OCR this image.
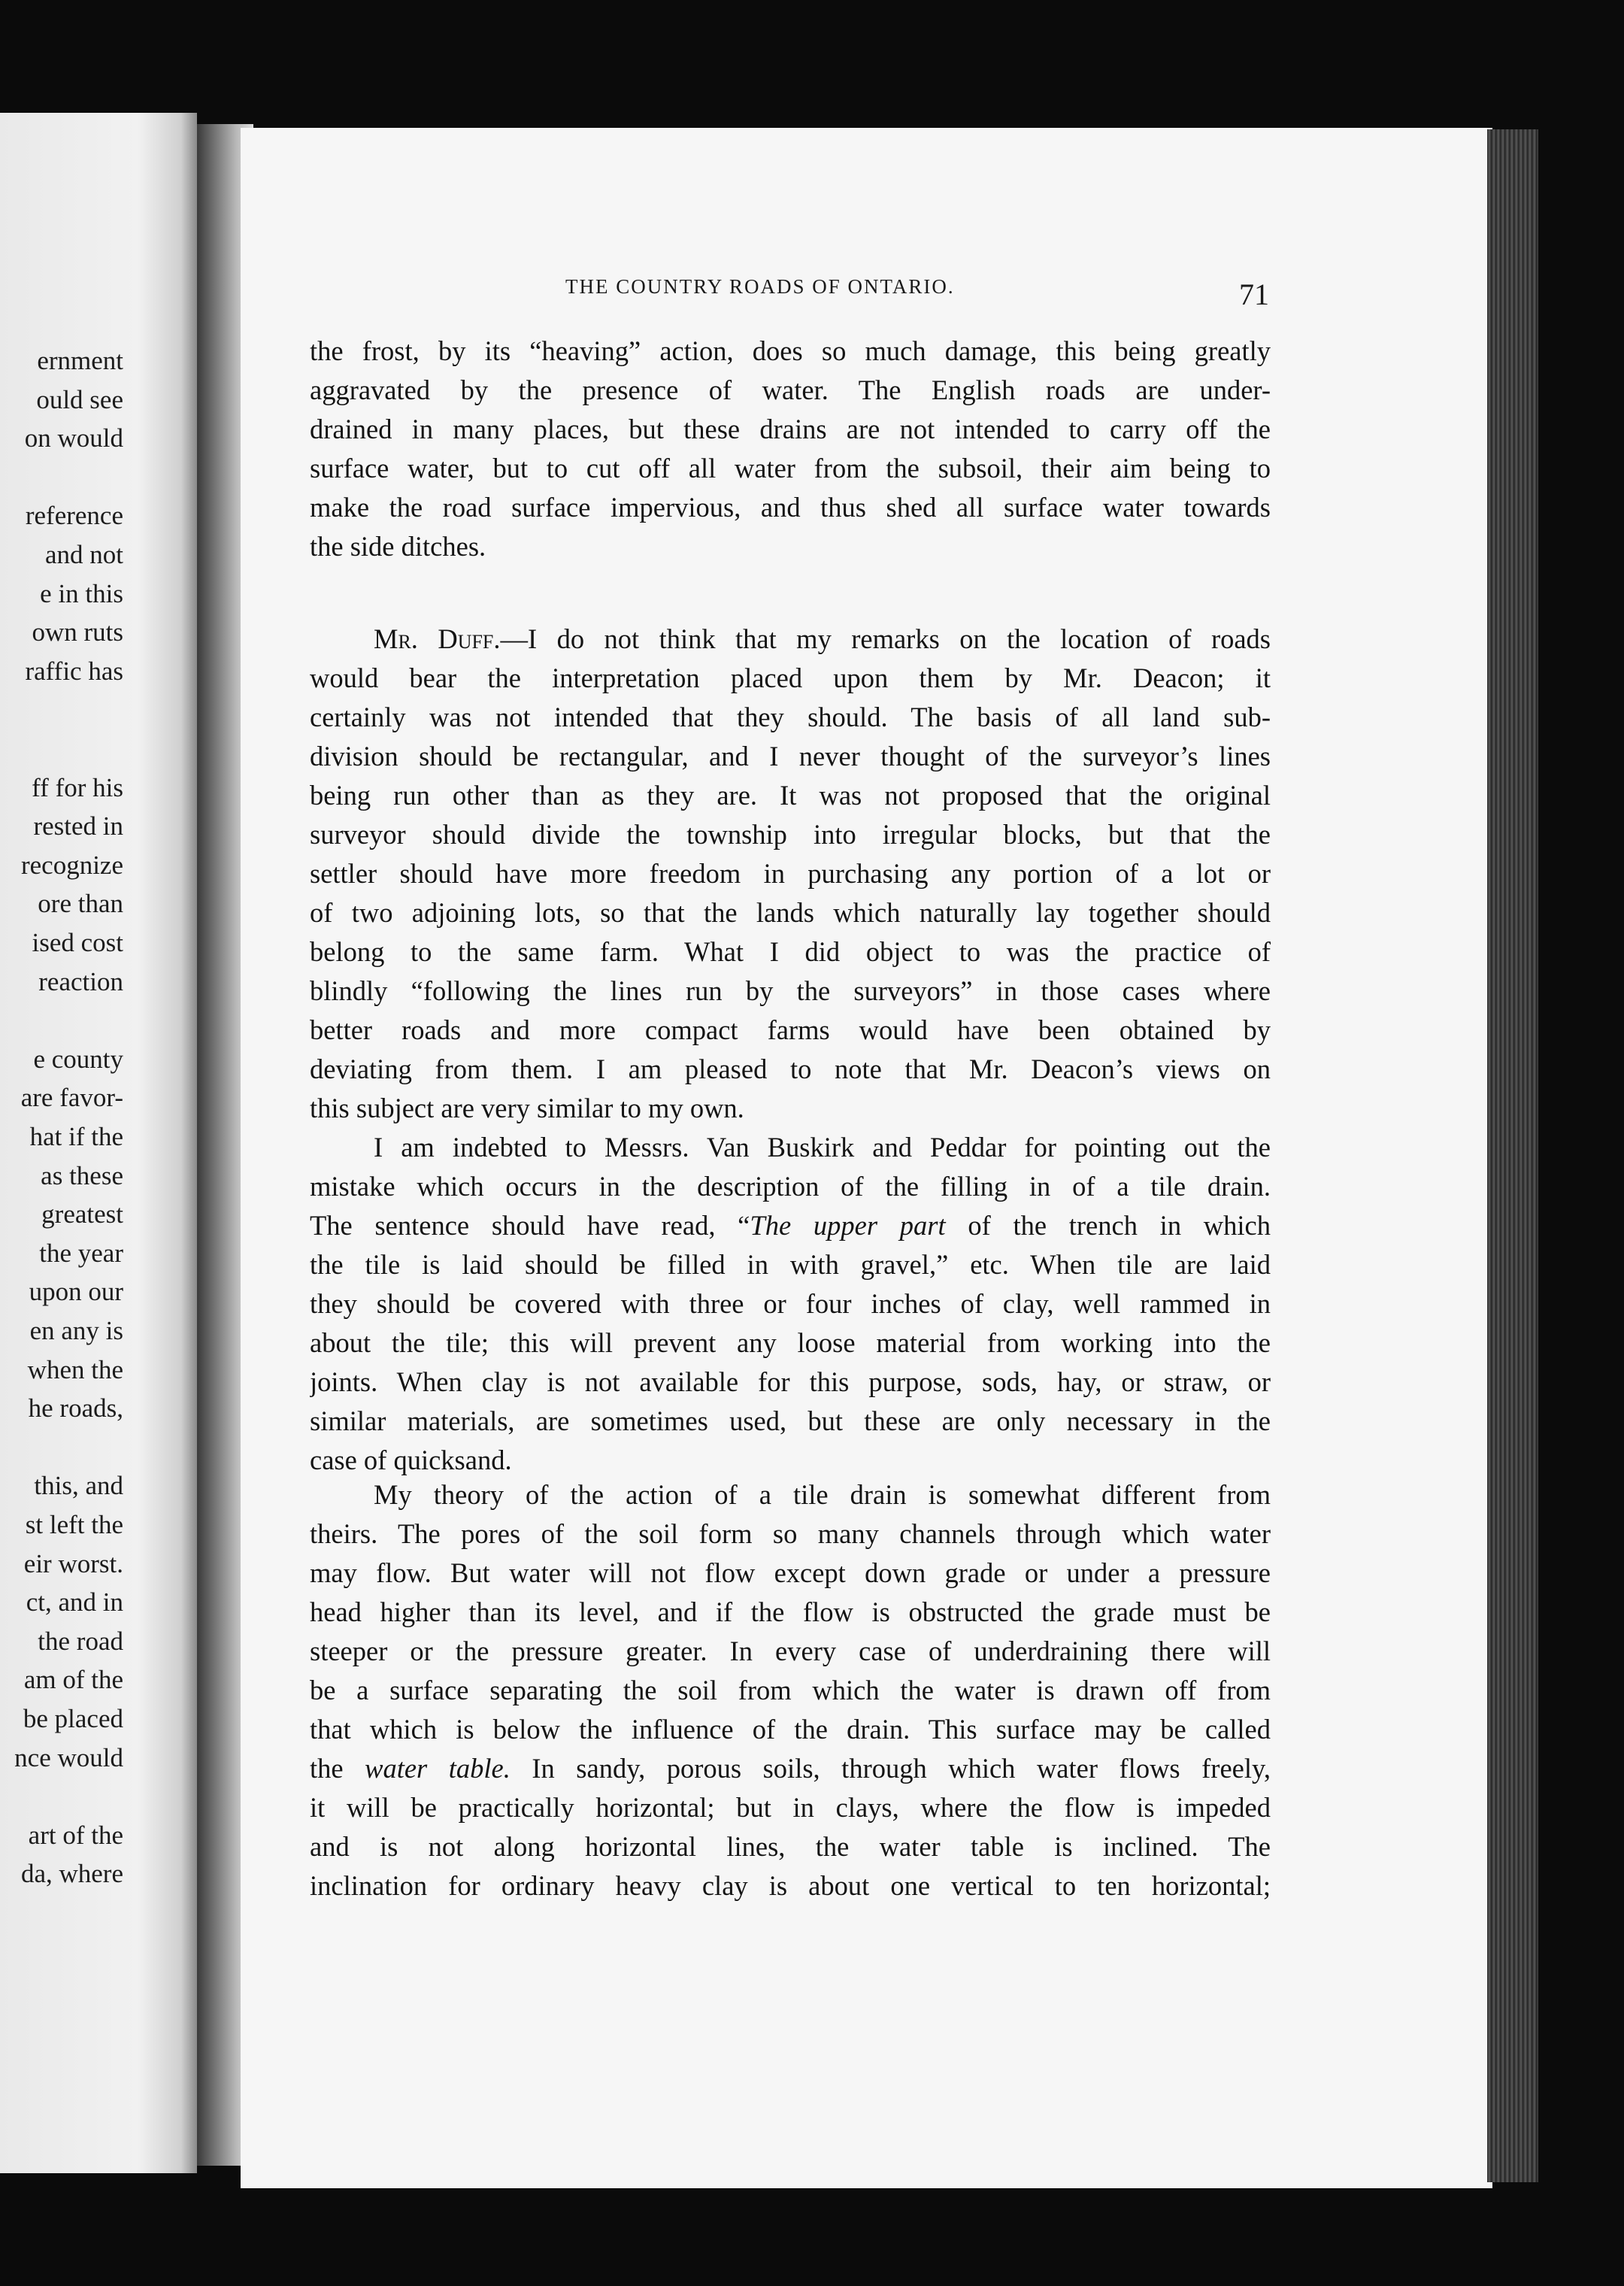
ernment
ould see
on would
reference
and not
e in this
own ruts
raffic has
ff for his
rested in
recognize
ore than
ised cost
reaction
e county
are favor-
hat if the
as these
greatest
the year
upon our
en any is
when the
he roads,
this, and
st left the
eir worst.
ct, and in
the road
am of the
be placed
nce would
art of the
da, where
the frost, by its “heaving” action, does so much damage, this being greatly
aggravated by the presence of water. The English roads are under-
drained in many places, but these drains are not intended to carry off the
surface water, but to cut off all water from the subsoil, their aim being to
make the road surface impervious, and thus shed all surface water towards
the side ditches.
Mr. Duff.—I do not think that my remarks on the location of roads
would bear the interpretation placed upon them by Mr. Deacon; it
certainly was not intended that they should. The basis of all land sub-
division should be rectangular, and I never thought of the surveyor’s lines
being run other than as they are. It was not proposed that the original
surveyor should divide the township into irregular blocks, but that the
settler should have more freedom in purchasing any portion of a lot or
of two adjoining lots, so that the lands which naturally lay together should
belong to the same farm. What I did object to was the practice of
blindly “following the lines run by the surveyors” in those cases where
better roads and more compact farms would have been obtained by
deviating from them. I am pleased to note that Mr. Deacon’s views on
this subject are very similar to my own.
I am indebted to Messrs. Van Buskirk and Peddar for pointing out the
mistake which occurs in the description of the filling in of a tile drain.
The sentence should have read, “The upper part of the trench in which
the tile is laid should be filled in with gravel,” etc. When tile are laid
they should be covered with three or four inches of clay, well rammed in
about the tile; this will prevent any loose material from working into the
joints. When clay is not available for this purpose, sods, hay, or straw, or
similar materials, are sometimes used, but these are only necessary in the
case of quicksand.
My theory of the action of a tile drain is somewhat different from
theirs. The pores of the soil form so many channels through which water
may flow. But water will not flow except down grade or under a pressure
head higher than its level, and if the flow is obstructed the grade must be
steeper or the pressure greater. In every case of underdraining there will
be a surface separating the soil from which the water is drawn off from
that which is below the influence of the drain. This surface may be called
the water table. In sandy, porous soils, through which water flows freely,
it will be practically horizontal; but in clays, where the flow is impeded
and is not along horizontal lines, the water table is inclined. The
inclination for ordinary heavy clay is about one vertical to ten horizontal;
THE COUNTRY ROADS OF ONTARIO.	71
